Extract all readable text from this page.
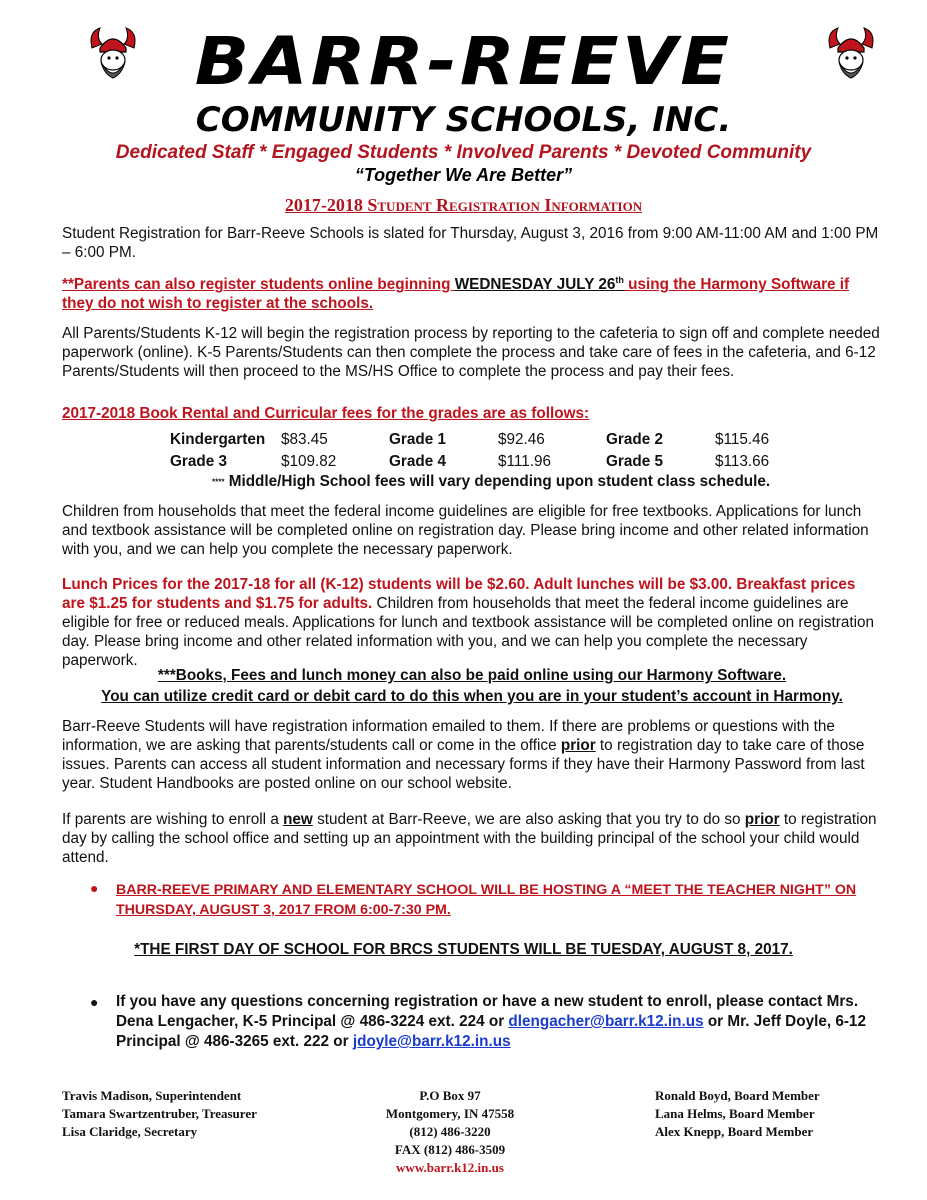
BARR-REEVE
COMMUNITY SCHOOLS, INC.
Dedicated Staff * Engaged Students * Involved Parents * Devoted Community
“Together We Are Better”
2017-2018 Student Registration Information
Student Registration for Barr-Reeve Schools is slated for Thursday, August 3, 2016 from 9:00 AM-11:00 AM and 1:00 PM – 6:00 PM.
**Parents can also register students online beginning WEDNESDAY JULY 26th using the Harmony Software if they do not wish to register at the schools.
All Parents/Students K-12 will begin the registration process by reporting to the cafeteria to sign off and complete needed paperwork (online). K-5 Parents/Students can then complete the process and take care of fees in the cafeteria, and 6-12 Parents/Students will then proceed to the MS/HS Office to complete the process and pay their fees.
2017-2018 Book Rental and Curricular fees for the grades are as follows:
Kindergarten $83.45	Grade 1	$92.46	Grade 2	$115.46
Grade 3	$109.82	Grade 4	$111.96	Grade 5	$113.66
**** Middle/High School fees will vary depending upon student class schedule.
Children from households that meet the federal income guidelines are eligible for free textbooks. Applications for lunch and textbook assistance will be completed online on registration day. Please bring income and other related information with you, and we can help you complete the necessary paperwork.
Lunch Prices for the 2017-18 for all (K-12) students will be $2.60. Adult lunches will be $3.00. Breakfast prices are $1.25 for students and $1.75 for adults. Children from households that meet the federal income guidelines are eligible for free or reduced meals. Applications for lunch and textbook assistance will be completed online on registration day. Please bring income and other related information with you, and we can help you complete the necessary paperwork.
***Books, Fees and lunch money can also be paid online using our Harmony Software.
You can utilize credit card or debit card to do this when you are in your student’s account in Harmony.
Barr-Reeve Students will have registration information emailed to them. If there are problems or questions with the information, we are asking that parents/students call or come in the office prior to registration day to take care of those issues. Parents can access all student information and necessary forms if they have their Harmony Password from last year. Student Handbooks are posted online on our school website.
If parents are wishing to enroll a new student at Barr-Reeve, we are also asking that you try to do so prior to registration day by calling the school office and setting up an appointment with the building principal of the school your child would attend.
● BARR-REEVE PRIMARY AND ELEMENTARY SCHOOL WILL BE HOSTING A “MEET THE TEACHER NIGHT” ON THURSDAY, AUGUST 3, 2017 FROM 6:00-7:30 PM.
*THE FIRST DAY OF SCHOOL FOR BRCS STUDENTS WILL BE TUESDAY, AUGUST 8, 2017.
● If you have any questions concerning registration or have a new student to enroll, please contact Mrs. Dena Lengacher, K-5 Principal @ 486-3224 ext. 224 or dlengacher@barr.k12.in.us or Mr. Jeff Doyle, 6-12 Principal @ 486-3265 ext. 222 or jdoyle@barr.k12.in.us
Travis Madison, Superintendent
Tamara Swartzentruber, Treasurer
Lisa Claridge, Secretary
P.O Box 97
Montgomery, IN 47558
(812) 486-3220
FAX (812) 486-3509
www.barr.k12.in.us
Ronald Boyd, Board Member
Lana Helms, Board Member
Alex Knepp, Board Member
